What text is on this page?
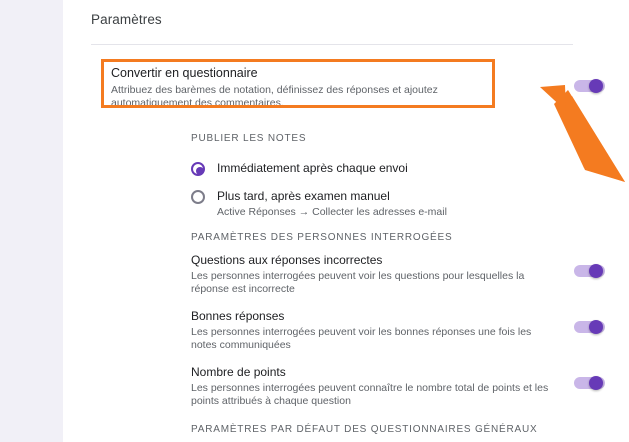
Paramètres
Convertir en questionnaire
Attribuez des barèmes de notation, définissez des réponses et ajoutez automatiquement des commentaires.
PUBLIER LES NOTES
Immédiatement après chaque envoi
Plus tard, après examen manuel
Active Réponses → Collecter les adresses e-mail
PARAMÈTRES DES PERSONNES INTERROGÉES
Questions aux réponses incorrectes
Les personnes interrogées peuvent voir les questions pour lesquelles la réponse est incorrecte
Bonnes réponses
Les personnes interrogées peuvent voir les bonnes réponses une fois les notes communiquées
Nombre de points
Les personnes interrogées peuvent connaître le nombre total de points et les points attribués à chaque question
PARAMÈTRES PAR DÉFAUT DES QUESTIONNAIRES GÉNÉRAUX
